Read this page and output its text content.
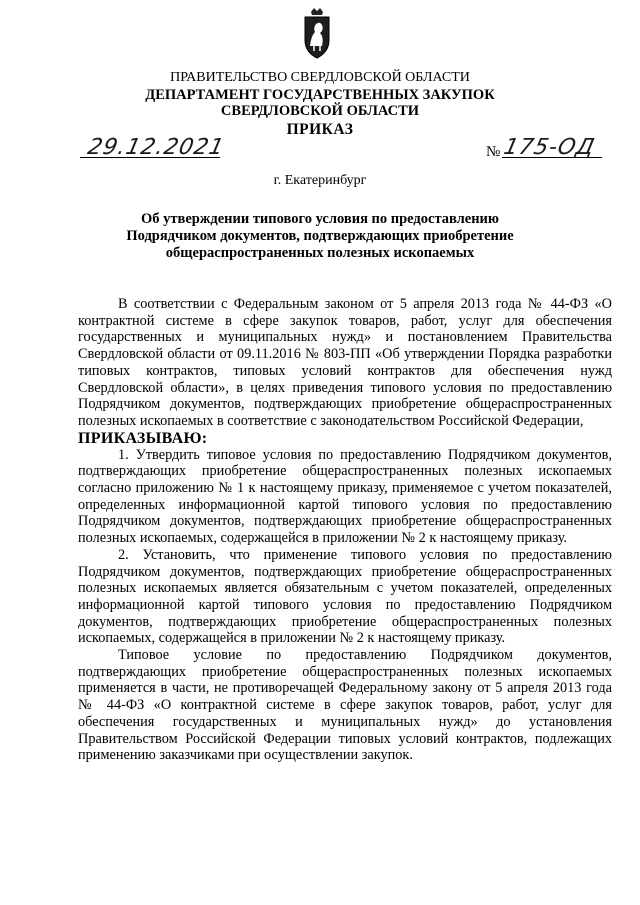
ПРАВИТЕЛЬСТВО СВЕРДЛОВСКОЙ ОБЛАСТИ
ДЕПАРТАМЕНТ ГОСУДАРСТВЕННЫХ ЗАКУПОК
СВЕРДЛОВСКОЙ ОБЛАСТИ
ПРИКАЗ
29.12.2021	№ 175-ОД
г. Екатеринбург
Об утверждении типового условия по предоставлению Подрядчиком документов, подтверждающих приобретение общераспространенных полезных ископаемых

В соответствии с Федеральным законом от 5 апреля 2013 года № 44-ФЗ «О контрактной системе в сфере закупок товаров, работ, услуг для обеспечения государственных и муниципальных нужд» и постановлением Правительства Свердловской области от 09.11.2016 № 803-ПП «Об утверждении Порядка разработки типовых контрактов, типовых условий контрактов для обеспечения нужд Свердловской области», в целях приведения типового условия по предоставлению Подрядчиком документов, подтверждающих приобретение общераспространенных полезных ископаемых в соответствие с законодательством Российской Федерации,

ПРИКАЗЫВАЮ:

1. Утвердить типовое условия по предоставлению Подрядчиком документов, подтверждающих приобретение общераспространенных полезных ископаемых согласно приложению № 1 к настоящему приказу, применяемое с учетом показателей, определенных информационной картой типового условия по предоставлению Подрядчиком документов, подтверждающих приобретение общераспространенных полезных ископаемых, содержащейся в приложении № 2 к настоящему приказу.

2. Установить, что применение типового условия по предоставлению Подрядчиком документов, подтверждающих приобретение общераспространенных полезных ископаемых является обязательным с учетом показателей, определенных информационной картой типового условия по предоставлению Подрядчиком документов, подтверждающих приобретение общераспространенных полезных ископаемых, содержащейся в приложении № 2 к настоящему приказу.

Типовое условие по предоставлению Подрядчиком документов, подтверждающих приобретение общераспространенных полезных ископаемых применяется в части, не противоречащей Федеральному закону от 5 апреля 2013 года № 44-ФЗ «О контрактной системе в сфере закупок товаров, работ, услуг для обеспечения государственных и муниципальных нужд» до установления Правительством Российской Федерации типовых условий контрактов, подлежащих применению заказчиками при осуществлении закупок.
